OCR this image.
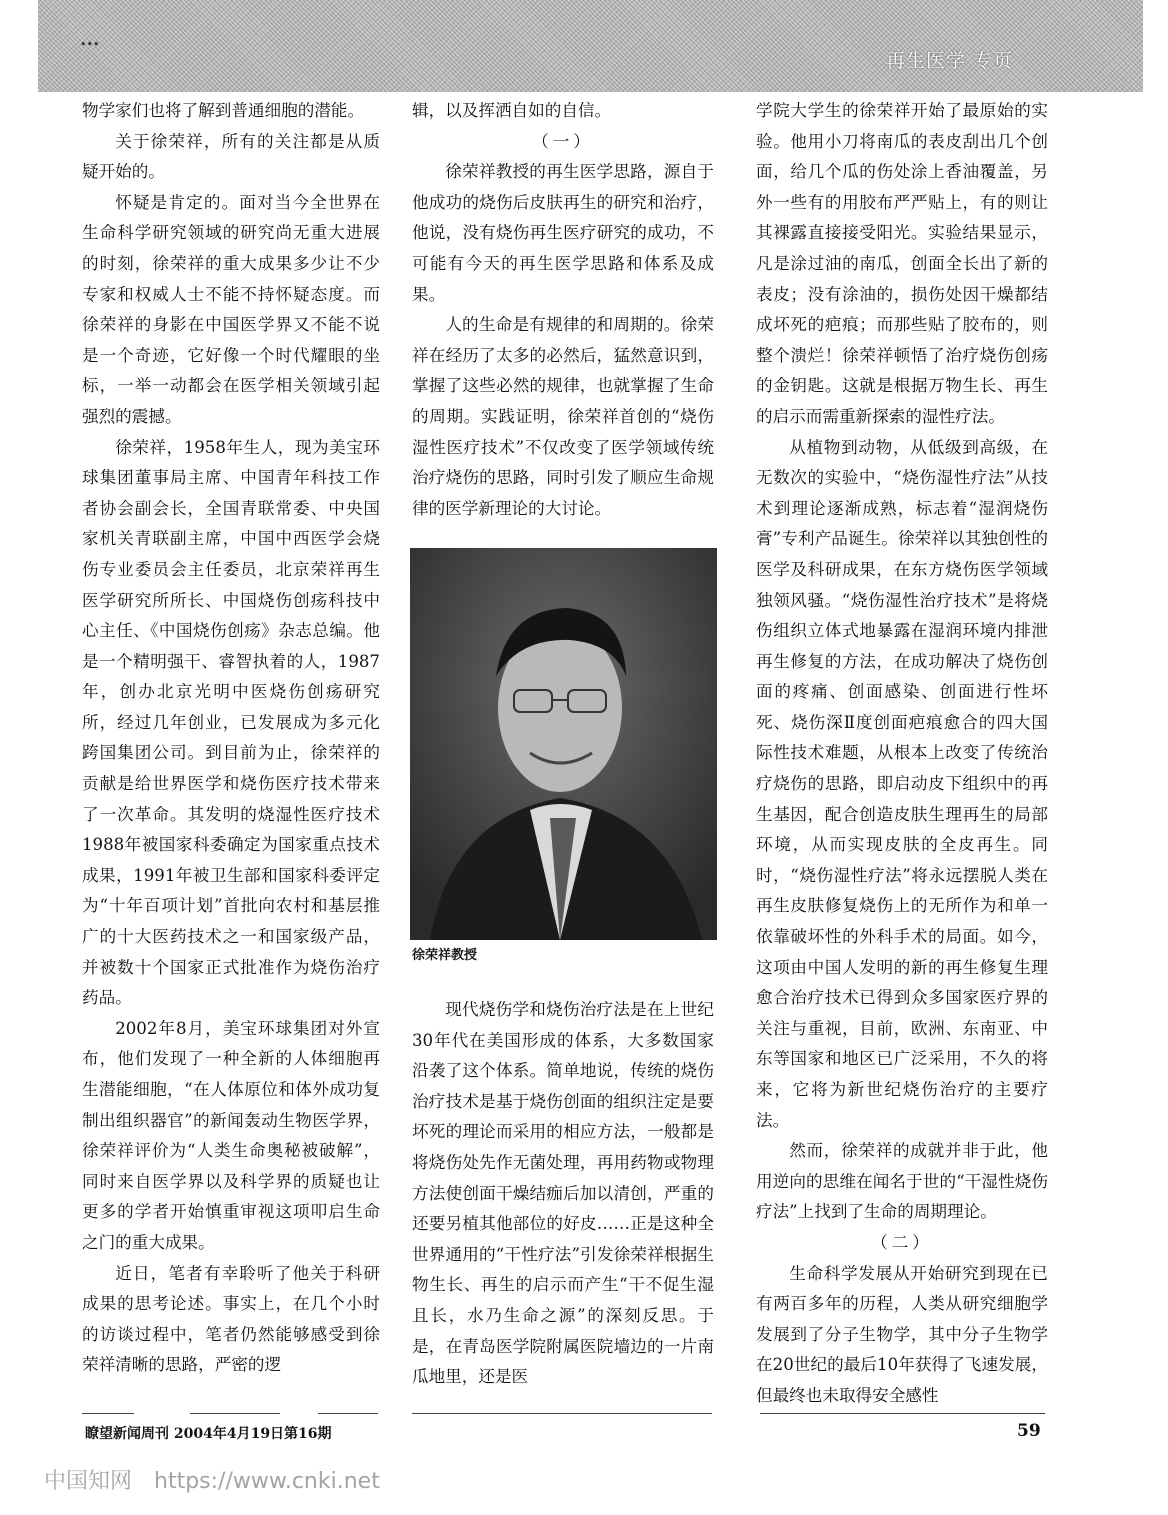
•••
再生医学 专页

物学家们也将了解到普通细胞的潜能。

关于徐荣祥，所有的关注都是从质疑开始的。

怀疑是肯定的。面对当今全世界在生命科学研究领域的研究尚无重大进展的时刻，徐荣祥的重大成果多少让不少专家和权威人士不能不持怀疑态度。而徐荣祥的身影在中国医学界又不能不说是一个奇迹，它好像一个时代耀眼的坐标，一举一动都会在医学相关领域引起强烈的震撼。

徐荣祥，1958年生人，现为美宝环球集团董事局主席、中国青年科技工作者协会副会长，全国青联常委、中央国家机关青联副主席，中国中西医学会烧伤专业委员会主任委员，北京荣祥再生医学研究所所长、中国烧伤创疡科技中心主任、《中国烧伤创疡》杂志总编。他是一个精明强干、睿智执着的人，1987年，创办北京光明中医烧伤创疡研究所，经过几年创业，已发展成为多元化跨国集团公司。到目前为止，徐荣祥的贡献是给世界医学和烧伤医疗技术带来了一次革命。其发明的烧湿性医疗技术1988年被国家科委确定为国家重点技术成果，1991年被卫生部和国家科委评定为“十年百项计划”首批向农村和基层推广的十大医药技术之一和国家级产品，并被数十个国家正式批准作为烧伤治疗药品。

2002年8月，美宝环球集团对外宣布，他们发现了一种全新的人体细胞再生潜能细胞，“在人体原位和体外成功复制出组织器官”的新闻轰动生物医学界，徐荣祥评价为“人类生命奥秘被破解”，同时来自医学界以及科学界的质疑也让更多的学者开始慎重审视这项叩启生命之门的重大成果。

近日，笔者有幸聆听了他关于科研成果的思考论述。事实上，在几个小时的访谈过程中，笔者仍然能够感受到徐荣祥清晰的思路，严密的逻

辑，以及挥洒自如的自信。

（一）

徐荣祥教授的再生医学思路，源自于他成功的烧伤后皮肤再生的研究和治疗，他说，没有烧伤再生医疗研究的成功，不可能有今天的再生医学思路和体系及成果。

人的生命是有规律的和周期的。徐荣祥在经历了太多的必然后，猛然意识到，掌握了这些必然的规律，也就掌握了生命的周期。实践证明，徐荣祥首创的“烧伤湿性医疗技术”不仅改变了医学领域传统治疗烧伤的思路，同时引发了顺应生命规律的医学新理论的大讨论。

徐荣祥教授

现代烧伤学和烧伤治疗法是在上世纪30年代在美国形成的体系，大多数国家沿袭了这个体系。简单地说，传统的烧伤治疗技术是基于烧伤创面的组织注定是要坏死的理论而采用的相应方法，一般都是将烧伤处先作无菌处理，再用药物或物理方法使创面干燥结痂后加以清创，严重的还要另植其他部位的好皮……正是这种全世界通用的“干性疗法”引发徐荣祥根据生物生长、再生的启示而产生“干不促生湿且长，水乃生命之源”的深刻反思。于是，在青岛医学院附属医院墙边的一片南瓜地里，还是医

学院大学生的徐荣祥开始了最原始的实验。他用小刀将南瓜的表皮刮出几个创面，给几个瓜的伤处涂上香油覆盖，另外一些有的用胶布严严贴上，有的则让其裸露直接接受阳光。实验结果显示，凡是涂过油的南瓜，创面全长出了新的表皮；没有涂油的，损伤处因干燥都结成坏死的疤痕；而那些贴了胶布的，则整个溃烂！徐荣祥顿悟了治疗烧伤创疡的金钥匙。这就是根据万物生长、再生的启示而需重新探索的湿性疗法。

从植物到动物，从低级到高级，在无数次的实验中，“烧伤湿性疗法”从技术到理论逐渐成熟，标志着“湿润烧伤膏”专利产品诞生。徐荣祥以其独创性的医学及科研成果，在东方烧伤医学领域独领风骚。“烧伤湿性治疗技术”是将烧伤组织立体式地暴露在湿润环境内排泄再生修复的方法，在成功解决了烧伤创面的疼痛、创面感染、创面进行性坏死、烧伤深Ⅱ度创面疤痕愈合的四大国际性技术难题，从根本上改变了传统治疗烧伤的思路，即启动皮下组织中的再生基因，配合创造皮肤生理再生的局部环境，从而实现皮肤的全皮再生。同时，“烧伤湿性疗法”将永远摆脱人类在再生皮肤修复烧伤上的无所作为和单一依靠破坏性的外科手术的局面。如今，这项由中国人发明的新的再生修复生理愈合治疗技术已得到众多国家医疗界的关注与重视，目前，欧洲、东南亚、中东等国家和地区已广泛采用，不久的将来，它将为新世纪烧伤治疗的主要疗法。

然而，徐荣祥的成就并非于此，他用逆向的思维在闻名于世的“干湿性烧伤疗法”上找到了生命的周期理论。

（二）

生命科学发展从开始研究到现在已有两百多年的历程，人类从研究细胞学发展到了分子生物学，其中分子生物学在20世纪的最后10年获得了飞速发展，但最终也未取得安全感性

瞭望新闻周刊 2004年4月19日第16期	59
中国知网 https://www.cnki.net
